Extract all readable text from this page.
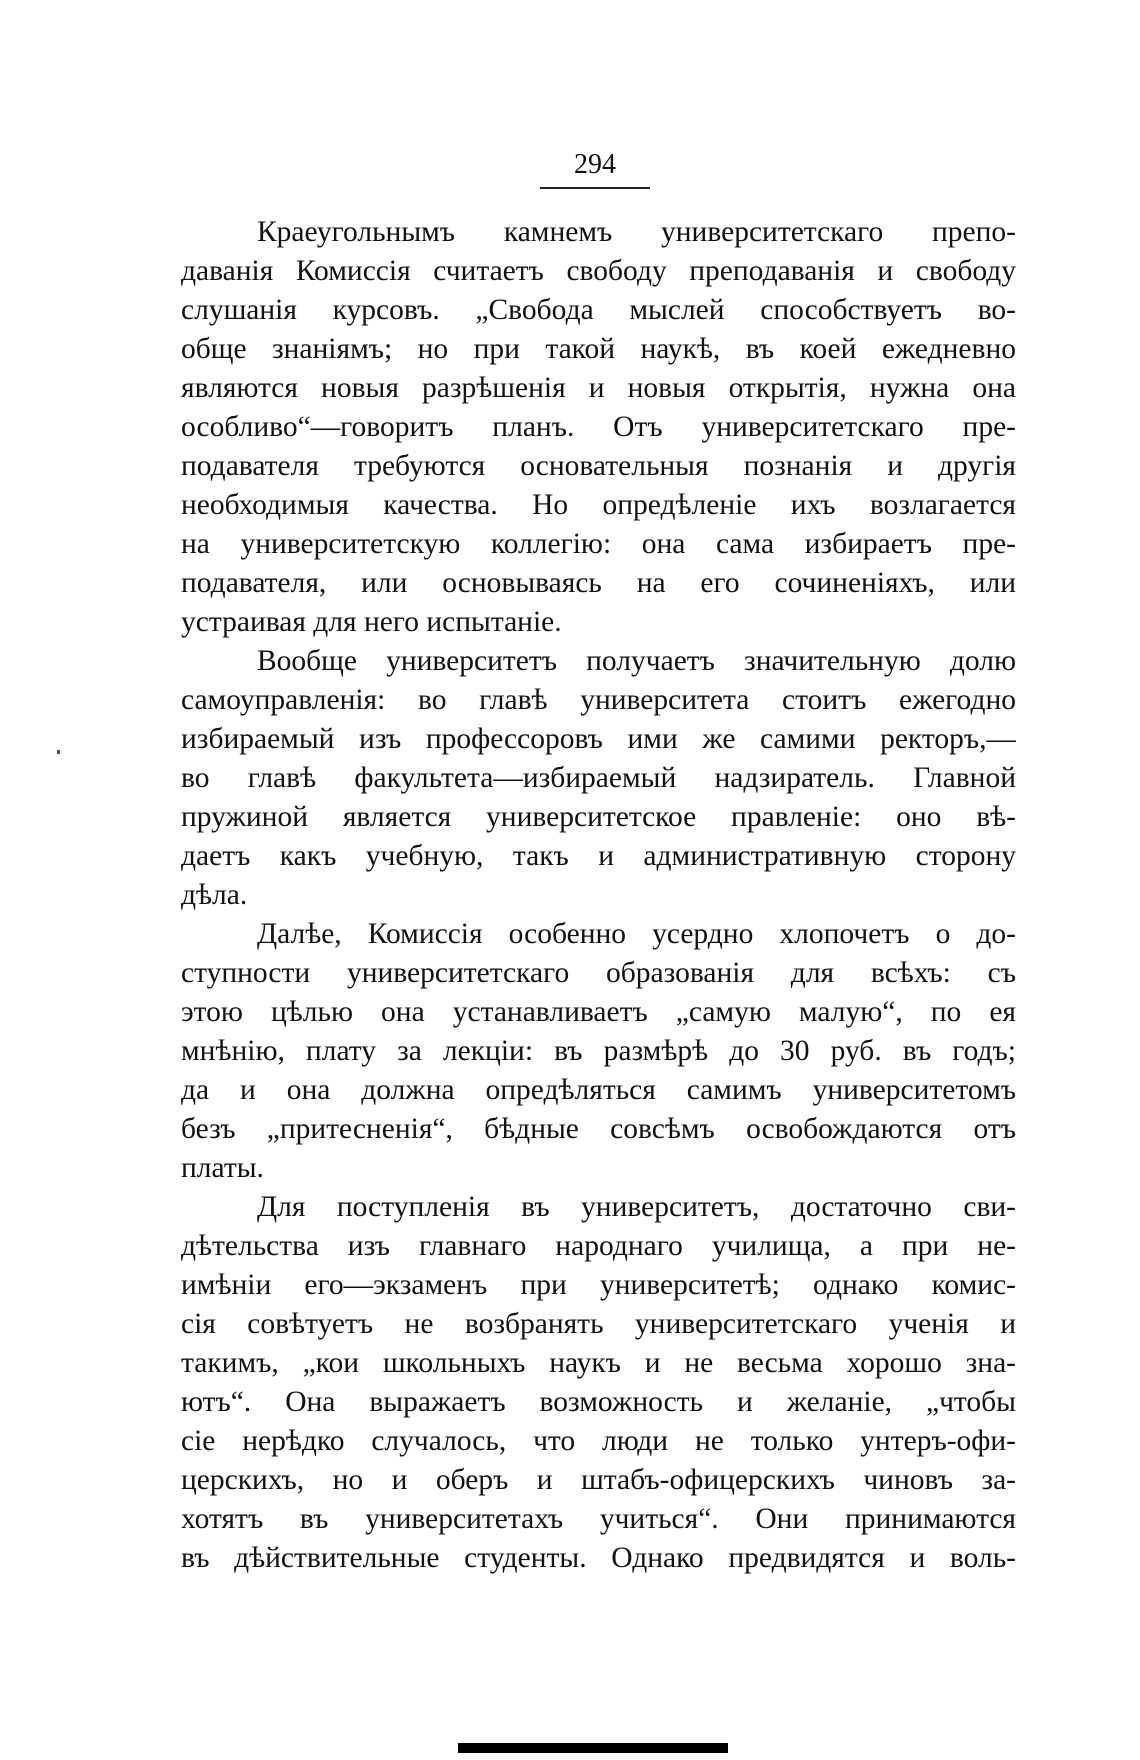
294
Краеугольнымъ камнемъ университетскаго препо-
даванія Комиссія считаетъ свободу преподаванія и свободу
слушанія курсовъ. „Свобода мыслей способствуетъ во-
обще знаніямъ; но при такой наукѣ, въ коей ежедневно
являются новыя разрѣшенія и новыя открытія, нужна она
особливо“—говоритъ планъ. Отъ университетскаго пре-
подавателя требуются основательныя познанія и другія
необходимыя качества. Но опредѣленіе ихъ возлагается
на университетскую коллегію: она сама избираетъ пре-
подавателя, или основываясь на его сочиненіяхъ, или
устраивая для него испытаніе.
Вообще университетъ получаетъ значительную долю
самоуправленія: во главѣ университета стоитъ ежегодно
избираемый изъ профессоровъ ими же самими ректоръ,—
во главѣ факультета—избираемый надзиратель. Главной
пружиной является университетское правленіе: оно вѣ-
даетъ какъ учебную, такъ и административную сторону
дѣла.
Далѣе, Комиссія особенно усердно хлопочетъ о до-
ступности университетскаго образованія для всѣхъ: съ
этою цѣлью она устанавливаетъ „самую малую“, по ея
мнѣнію, плату за лекціи: въ размѣрѣ до 30 руб. въ годъ;
да и она должна опредѣляться самимъ университетомъ
безъ „притесненія“, бѣдные совсѣмъ освобождаются отъ
платы.
Для поступленія въ университетъ, достаточно сви-
дѣтельства изъ главнаго народнаго училища, а при не-
имѣніи его—экзаменъ при университетѣ; однако комис-
сія совѣтуетъ не возбранять университетскаго ученія и
такимъ, „кои школьныхъ наукъ и не весьма хорошо зна-
ютъ“. Она выражаетъ возможность и желаніе, „чтобы
сіе нерѣдко случалось, что люди не только унтеръ-офи-
церскихъ, но и оберъ и штабъ-офицерскихъ чиновъ за-
хотятъ въ университетахъ учиться“. Они принимаются
въ дѣйствительные студенты. Однако предвидятся и воль-
